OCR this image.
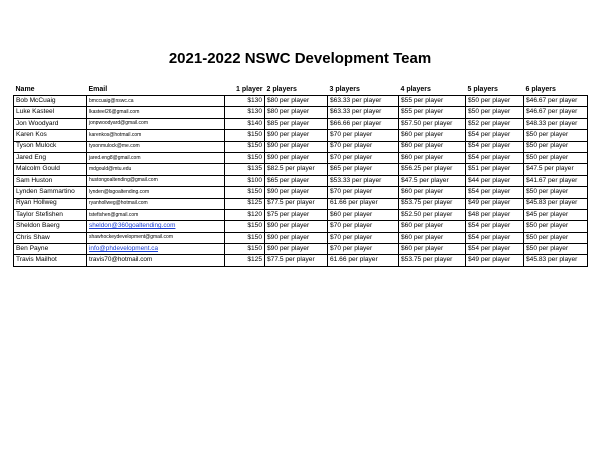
2021-2022 NSWC Development Team
Name	Email	1 player	2 players	3 players	4 players	5 players	6 players
Bob McCuaig	bmccuaig@nswc.ca	$130	$80 per player	$63.33 per player	$55 per player	$50 per player	$46.67 per player
Luke Kasteel	lkasteel26@gmail.com	$130	$80 per player	$63.33 per player	$55 per player	$50 per player	$46.67 per player
Jon Woodyard	jonpwoodyard@gmail.com	$140	$85 per player	$66.66 per player	$57.50 per player	$52 per player	$48.33 per player
Karen Kos	karenkos@hotmail.com	$150	$90 per player	$70 per player	$60 per player	$54 per player	$50 per player
Tyson Mulock	tysonmulock@me.com	$150	$90 per player	$70 per player	$60 per player	$54 per player	$50 per player
Jared Eng	jared.eng8@gmail.com	$150	$90 per player	$70 per player	$60 per player	$54 per player	$50 per player
Malcolm Gould	mdgould@mtu.edu	$135	$82.5 per player	$65 per player	$56.25 per player	$51 per player	$47.5 per player
Sam Huston	hustongoaltending@gmail.com	$100	$65 per player	$53.33 per player	$47.5 per player	$44 per player	$41.67 per player
Lynden Sammartino	lynden@lsgoaltending.com	$150	$90 per player	$70 per player	$60 per player	$54 per player	$50 per player
Ryan Hollweg	ryanhollweg@hotmail.com	$125	$77.5 per player	61.66 per player	$53.75 per player	$49 per player	$45.83 per player
Taylor Stefishen	tstefishen@gmail.com	$120	$75 per player	$60 per player	$52.50 per player	$48 per player	$45 per player
Sheldon Baerg	sheldon@360goaltending.com	$150	$90 per player	$70 per player	$60 per player	$54 per player	$50 per player
Chris Shaw	shawhockeydevelopment@gmail.com	$150	$90 per player	$70 per player	$60 per player	$54 per player	$50 per player
Ben Payne	info@phdevelopment.ca	$150	$90 per player	$70 per player	$60 per player	$54 per player	$50 per player
Travis Mailhot	travis70@hotmail.com	$125	$77.5 per player	61.66 per player	$53.75 per player	$49 per player	$45.83 per player
